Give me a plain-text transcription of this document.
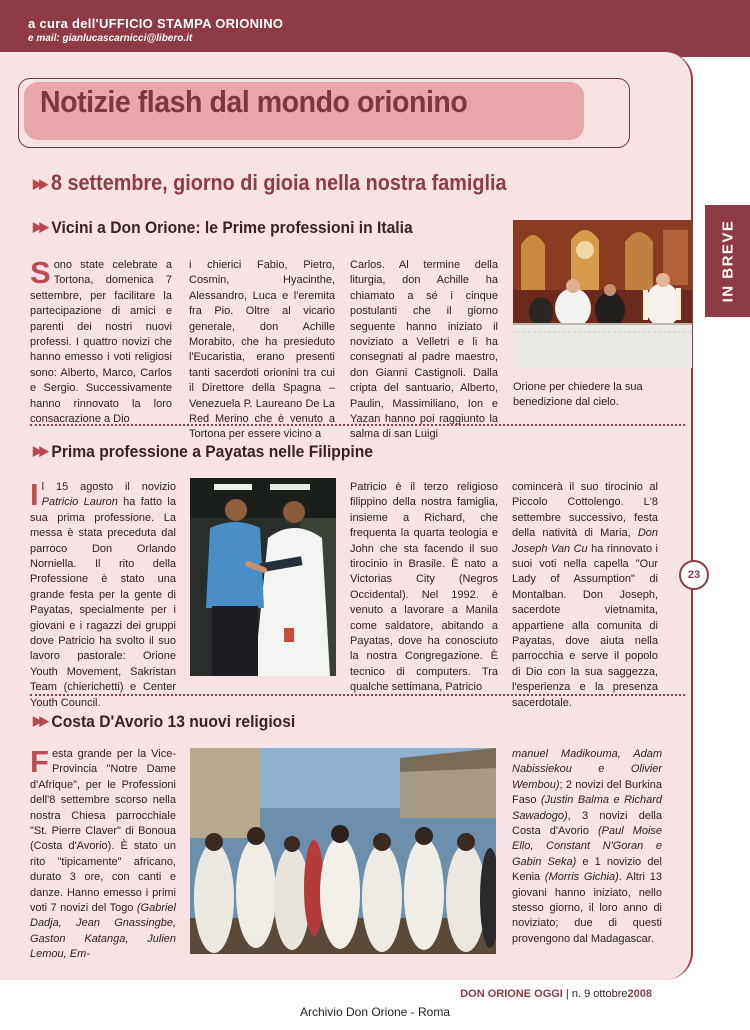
a cura dell'UFFICIO STAMPA ORIONINO
e mail: gianlucascarnicci@libero.it
IN BREVE
Notizie flash dal mondo orionino
▶▶ 8 settembre, giorno di gioia nella nostra famiglia
▶▶ Vicini a Don Orione: le Prime professioni in Italia
Sono state celebrate a Tortona, domenica 7 settembre, per facilitare la partecipazione di amici e parenti dei nostri nuovi professi. I quattro novizi che hanno emesso i voti religiosi sono: Alberto, Marco, Carlos e Sergio. Successivamente hanno rinnovato la loro consacrazione a Dio
i chierici Fabio, Pietro, Cosmin, Hyacinthe, Alessandro, Luca e l'eremita fra Pio. Oltre al vicario generale, don Achille Morabito, che ha presieduto l'Eucaristia, erano presenti tanti sacerdoti orionini tra cui il Direttore della Spagna – Venezuela P. Laureano De La Red Merino che è venuto a Tortona per essere vicino a
Carlos. Al termine della liturgia, don Achille ha chiamato a sé i cinque postulanti che il giorno seguente hanno iniziato il noviziato a Velletri e li ha consegnati al padre maestro, don Gianni Castignoli. Dalla cripta del santuario, Alberto, Paulin, Massimiliano, Ion e Yazan hanno poi raggiunto la salma di san Luigi
Orione per chiedere la sua benedizione dal cielo.
▶▶ Prima professione a Payatas nelle Filippine
Il 15 agosto il novizio Patricio Lauron ha fatto la sua prima professione. La messa è stata preceduta dal parroco Don Orlando Norniella. Il rito della Professione è stato una grande festa per la gente di Payatas, specialmente per i giovani e i ragazzi dei gruppi dove Patricio ha svolto il suo lavoro pastorale: Orione Youth Movement, Sakristan Team (chierichetti) e Center Youth Council.
Patricio è il terzo religioso filippino della nostra famiglia, insieme a Richard, che frequenta la quarta teologia e John che sta facendo il suo tirocinio in Brasile. È nato a Victorias City (Negros Occidental). Nel 1992. è venuto a lavorare a Manila come saldatore, abitando a Payatas, dove ha conosciuto la nostra Congregazione. È tecnico di computers. Tra qualche settimana, Patricio
comincerà il suo tirocinio al Piccolo Cottolengo. L'8 settembre successivo, festa della natività di Maria, Don Joseph Van Cu ha rinnovato i suoi voti nella capella "Our Lady of Assumption" di Montalban. Don Joseph, sacerdote vietnamita, appartiene alla comunita di Payatas, dove aiuta nella parrocchia e serve il popolo di Dio con la sua saggezza, l'esperienza e la presenza sacerdotale.
23
▶▶ Costa D'Avorio 13 nuovi religiosi
Festa grande per la Vice-Provincia "Notre Dame d'Afrique", per le Professioni dell'8 settembre scorso nella nostra Chiesa parrocchiale "St. Pierre Claver" di Bonoua (Costa d'Avorio). È stato un rito "tipicamente" africano, durato 3 ore, con canti e danze. Hanno emesso i primi voti 7 novizi del Togo (Gabriel Dadja, Jean Gnassingbe, Gaston Katanga, Julien Lemou, Em-
manuel Madikouma, Adam Nabissiekou e Olivier Wembou); 2 novizi del Burkina Faso (Justin Balma e Richard Sawadogo), 3 novizi della Costa d'Avorio (Paul Moise Ello, Constant N'Goran e Gabin Seka) e 1 novizio del Kenia (Morris Gichia). Altri 13 giovani hanno iniziato, nello stesso giorno, il loro anno di noviziato; due di questi provengono dal Madagascar.
DON ORIONE OGGI | n. 9 ottobre2008
Archivio Don Orione - Roma
